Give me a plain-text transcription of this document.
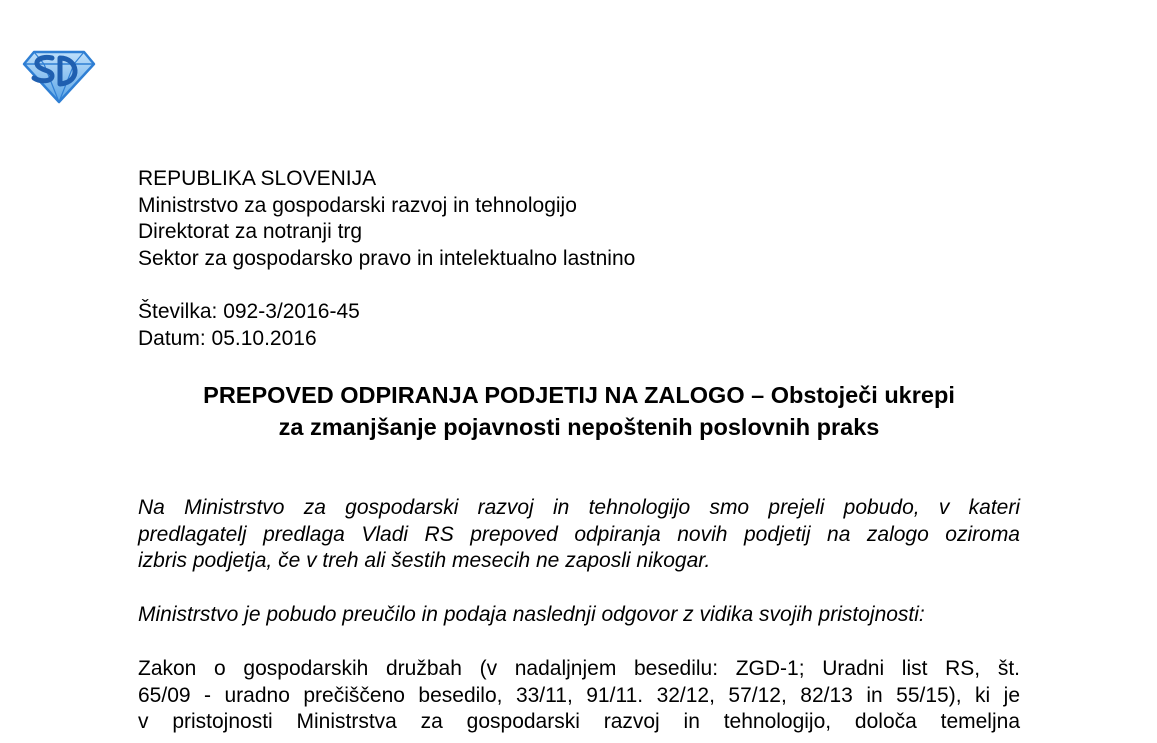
REPUBLIKA SLOVENIJA
Ministrstvo za gospodarski razvoj in tehnologijo
Direktorat za notranji trg
Sektor za gospodarsko pravo in intelektualno lastnino
Številka: 092-3/2016-45
Datum: 05.10.2016
PREPOVED ODPIRANJA PODJETIJ NA ZALOGO – Obstoječi ukrepi
za zmanjšanje pojavnosti nepoštenih poslovnih praks
Na Ministrstvo za gospodarski razvoj in tehnologijo smo prejeli pobudo, v kateri
predlagatelj predlaga Vladi RS prepoved odpiranja novih podjetij na zalogo oziroma
izbris podjetja, če v treh ali šestih mesecih ne zaposli nikogar.
Ministrstvo je pobudo preučilo in podaja naslednji odgovor z vidika svojih pristojnosti:
Zakon o gospodarskih družbah (v nadaljnjem besedilu: ZGD-1; Uradni list RS, št.
65/09 - uradno prečiščeno besedilo, 33/11, 91/11. 32/12, 57/12, 82/13 in 55/15), ki je
v pristojnosti Ministrstva za gospodarski razvoj in tehnologijo, določa temeljna
